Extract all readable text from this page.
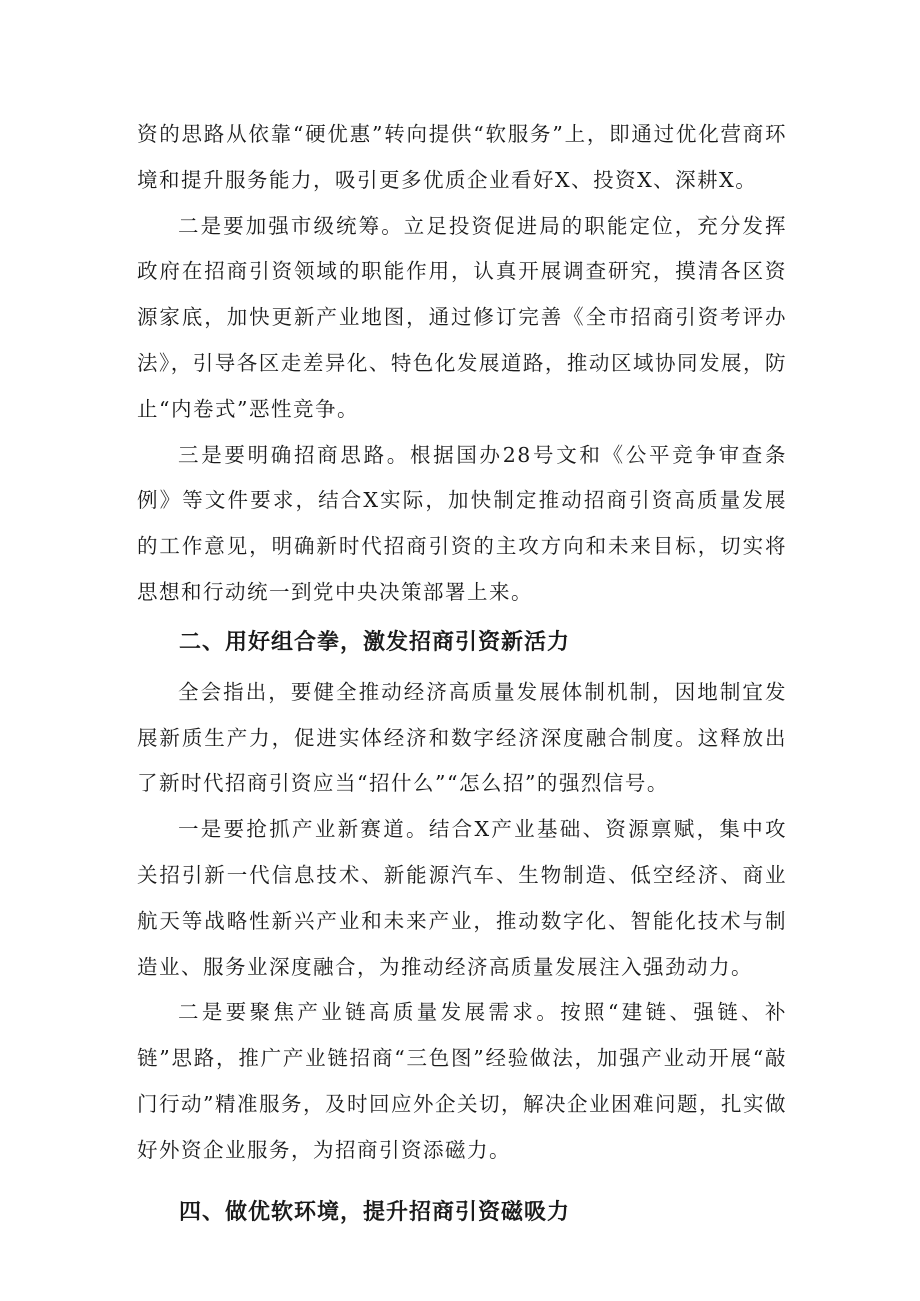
资的思路从依靠“硬优惠”转向提供“软服务”上，即通过优化营商环境和提升服务能力，吸引更多优质企业看好X、投资X、深耕X。

二是要加强市级统筹。立足投资促进局的职能定位，充分发挥政府在招商引资领域的职能作用，认真开展调查研究，摸清各区资源家底，加快更新产业地图，通过修订完善《全市招商引资考评办法》，引导各区走差异化、特色化发展道路，推动区域协同发展，防止“内卷式”恶性竞争。

三是要明确招商思路。根据国办28号文和《公平竞争审查条例》等文件要求，结合X实际，加快制定推动招商引资高质量发展的工作意见，明确新时代招商引资的主攻方向和未来目标，切实将思想和行动统一到党中央决策部署上来。

二、用好组合拳，激发招商引资新活力

全会指出，要健全推动经济高质量发展体制机制，因地制宜发展新质生产力，促进实体经济和数字经济深度融合制度。这释放出了新时代招商引资应当“招什么”“怎么招”的强烈信号。

一是要抢抓产业新赛道。结合X产业基础、资源禀赋，集中攻关招引新一代信息技术、新能源汽车、生物制造、低空经济、商业航天等战略性新兴产业和未来产业，推动数字化、智能化技术与制造业、服务业深度融合，为推动经济高质量发展注入强劲动力。

二是要聚焦产业链高质量发展需求。按照“建链、强链、补链”思路，推广产业链招商“三色图”经验做法，加强产业动开展“敲门行动”精准服务，及时回应外企关切，解决企业困难问题，扎实做好外资企业服务，为招商引资添磁力。

四、做优软环境，提升招商引资磁吸力
